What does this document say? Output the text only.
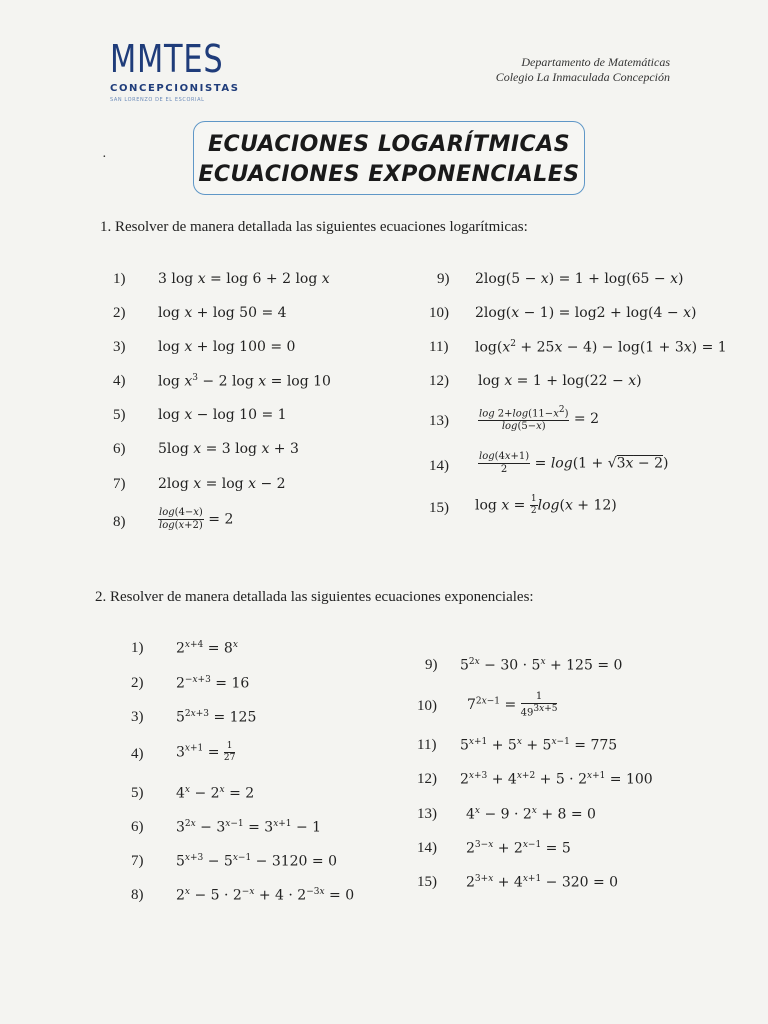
MMTES
CONCEPCIONISTAS
SAN LORENZO DE EL ESCORIAL
Departamento de Matemáticas
Colegio La Inmaculada Concepción
·
ECUACIONES LOGARÍTMICAS
ECUACIONES EXPONENCIALES
1. Resolver de manera detallada las siguientes ecuaciones logarítmicas:
1)
2)
3)
4)
5)
6)
7)
8)
3 log x = log 6 + 2 log x
log x + log 50 = 4
log x + log 100 = 0
$\log x^3 - 2$ log x = log 10
log x − log 10 = 1
5log x = 3 log x + 3
2log x = log x − 2
$\frac{\log(4-x)}{\log(x+2)} = 2$
9)
10)
11)
12)
13)
14)
15)
2log(5 − x) = 1 + log(65 − x)
2log(x − 1) = log2 + log(4 − x)
$\log(x^2 + 25x - 4) - \log(1 + 3x) = 1$
log x = 1 + log(22 − x)
$\frac{\log 2+\log(11-x^2)}{\log(5-x)} = 2$
$\frac{\log(4x+1)}{2} = \log(1 + √3x - 2)$
$\log x = \frac{1}{2} \log(x + 12)$
2. Resolver de manera detallada las siguientes ecuaciones exponenciales:
1)
2)
3)
4)
5)
6)
7)
8)
$2^{x+4} = 8^x$
$2^{-x+3} = 16$
$5^{2x+3} = 125$
$3^{x+1} = \frac{1}{27}$
$4^x - 2^x = 2$
$3^{2x} - 3^{x-1} = 3^{x+1} - 1$
$5^{x+3} - 5^{x-1} - 3120 = 0$
$2^x - 5 \cdot 2^{-x} + 4 \cdot 2^{-3x} = 0$
9)
10)
11)
12)
13)
14)
15)
$5^{2x} - 30 \cdot 5^x + 125 = 0$
$7^{2x-1} = \frac{1}{49^{3x+5}}$
$5^{x+1} + 5^x + 5^{x-1} = 775$
$2^{x+3} + 4^{x+2} + 5 \cdot 2^{x+1} = 100$
$4^x - 9 \cdot 2^x + 8 = 0$
$2^{3-x} + 2^{x-1} = 5$
$2^{3+x} + 4^{x+1} - 320 = 0$
